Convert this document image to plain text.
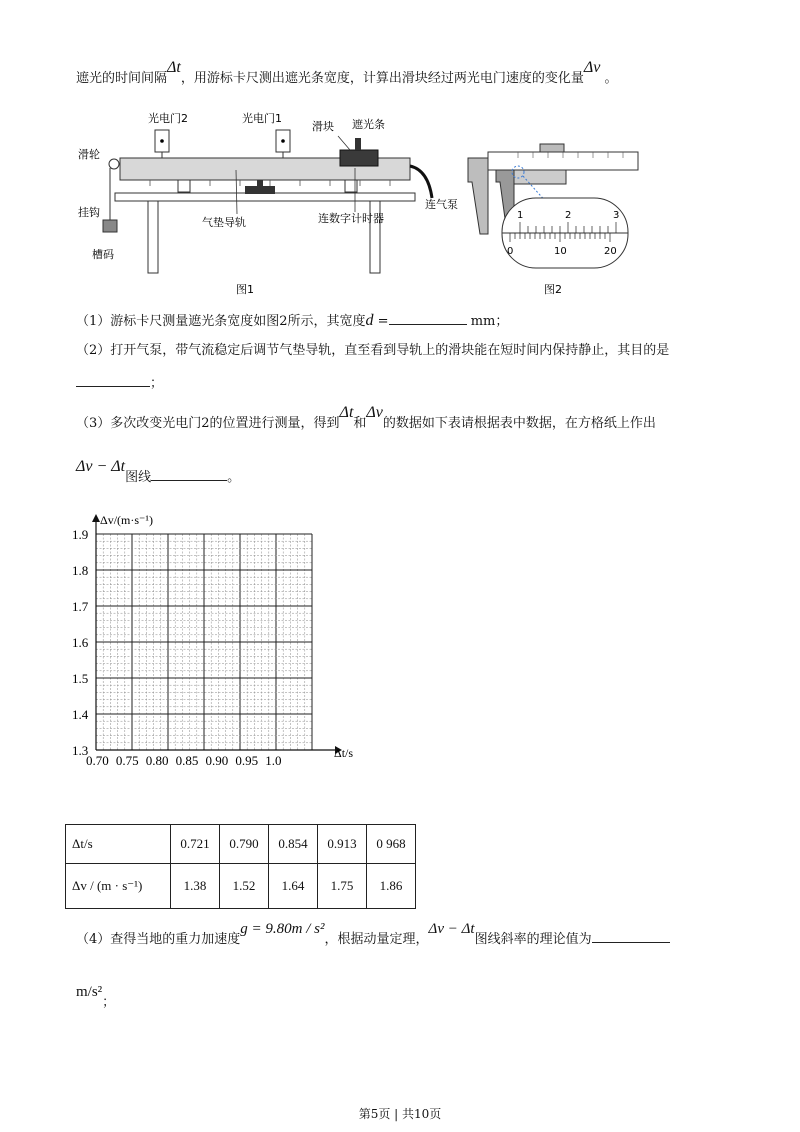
遮光的时间间隔Δt，用游标卡尺测出遮光条宽度，计算出滑块经过两光电门速度的变化量Δv 。
光电门2	光电门1
滑块 遮光条
滑轮
挂钩
槽码
气垫导轨	连数字计时器
连气泵
图1
1	2	3
0	10	20
图2
（1）游标卡尺测量遮光条宽度如图2所示，其宽度d =	mm；
（2）打开气泵，带气流稳定后调节气垫导轨，直至看到导轨上的滑块能在短时间内保持静止，其目的是
；
（3）多次改变光电门2的位置进行测量，得到Δt和Δv的数据如下表请根据表中数据，在方格纸上作出
Δv − Δt图线	。
0.70 0.75 0.80 0.85 0.90 0.95 1.0
1.3
1.4
1.5
1.6
1.7
1.8
1.9
Δv/(m·s⁻¹)
Δt/s
Δt/s	0.721	0.790	0.854	0.913	0 968
Δv / (m · s⁻¹)	1.38	1.52	1.64	1.75	1.86
（4）查得当地的重力加速度g = 9.80m / s²，根据动量定理，Δv − Δt图线斜率的理论值为
m/s²；
第5页 | 共10页
